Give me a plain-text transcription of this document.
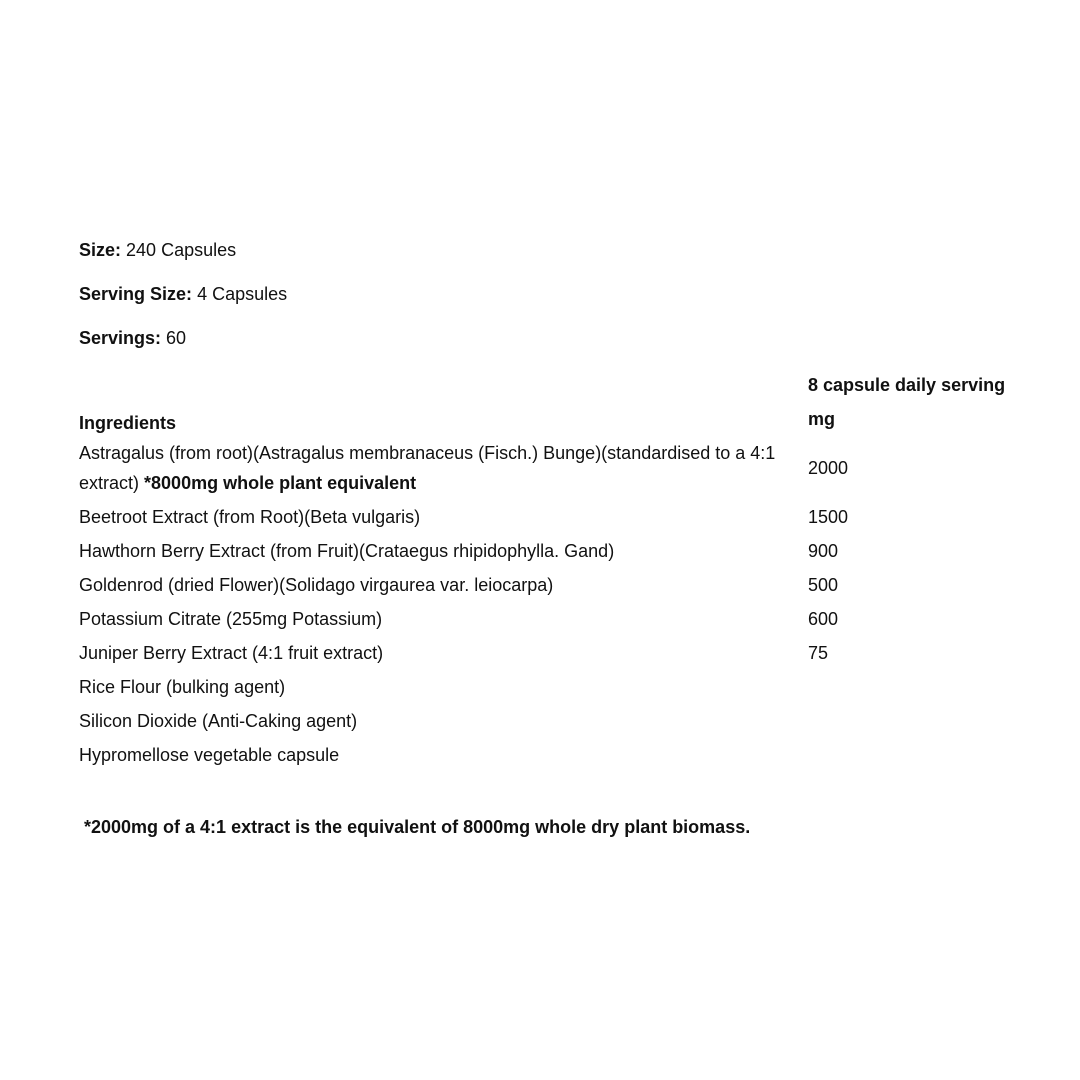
Size: 240 Capsules
Serving Size: 4 Capsules
Servings: 60
Ingredients	8 capsule daily serving
mg

Astragalus (from root)(Astragalus membranaceus (Fisch.) Bunge)(standardised to a 4:1 extract) *8000mg whole plant equivalent	2000
Beetroot Extract (from Root)(Beta vulgaris)	1500
Hawthorn Berry Extract (from Fruit)(Crataegus rhipidophylla. Gand)	900
Goldenrod (dried Flower)(Solidago virgaurea var. leiocarpa)	500
Potassium Citrate (255mg Potassium)	600
Juniper Berry Extract (4:1 fruit extract)	75
Rice Flour (bulking agent)	
Silicon Dioxide (Anti-Caking agent)	
Hypromellose vegetable capsule	
*2000mg of a 4:1 extract is the equivalent of 8000mg whole dry plant biomass.
